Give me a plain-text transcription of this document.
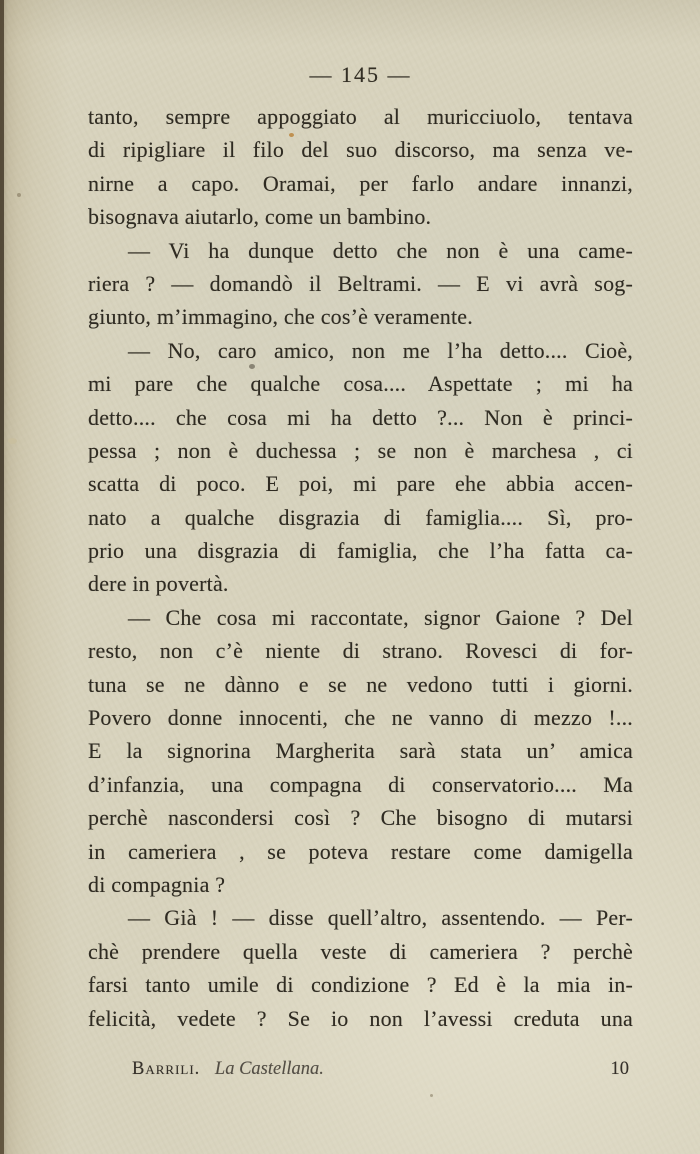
— 145 —
tanto, sempre appoggiato al muricciuolo, tentava
di ripigliare il filo del suo discorso, ma senza ve-
nirne a capo. Oramai, per farlo andare innanzi,
bisognava aiutarlo, come un bambino.
— Vi ha dunque detto che non è una came-
riera ? — domandò il Beltrami. — E vi avrà sog-
giunto, m’immagino, che cos’è veramente.
— No, caro amico, non me l’ha detto.... Cioè,
mi pare che qualche cosa.... Aspettate ; mi ha
detto.... che cosa mi ha detto ?... Non è princi-
pessa ; non è duchessa ; se non è marchesa , ci
scatta di poco. E poi, mi pare ehe abbia accen-
nato a qualche disgrazia di famiglia.... Sì, pro-
prio una disgrazia di famiglia, che l’ha fatta ca-
dere in povertà.
— Che cosa mi raccontate, signor Gaione ? Del
resto, non c’è niente di strano. Rovesci di for-
tuna se ne dànno e se ne vedono tutti i giorni.
Povero donne innocenti, che ne vanno di mezzo !...
E la signorina Margherita sarà stata un’ amica
d’infanzia, una compagna di conservatorio.... Ma
perchè nascondersi così ? Che bisogno di mutarsi
in cameriera , se poteva restare come damigella
di compagnia ?
— Già ! — disse quell’altro, assentendo. — Per-
chè prendere quella veste di cameriera ? perchè
farsi tanto umile di condizione ? Ed è la mia in-
felicità, vedete ? Se io non l’avessi creduta una
Barrili. La Castellana.	10
